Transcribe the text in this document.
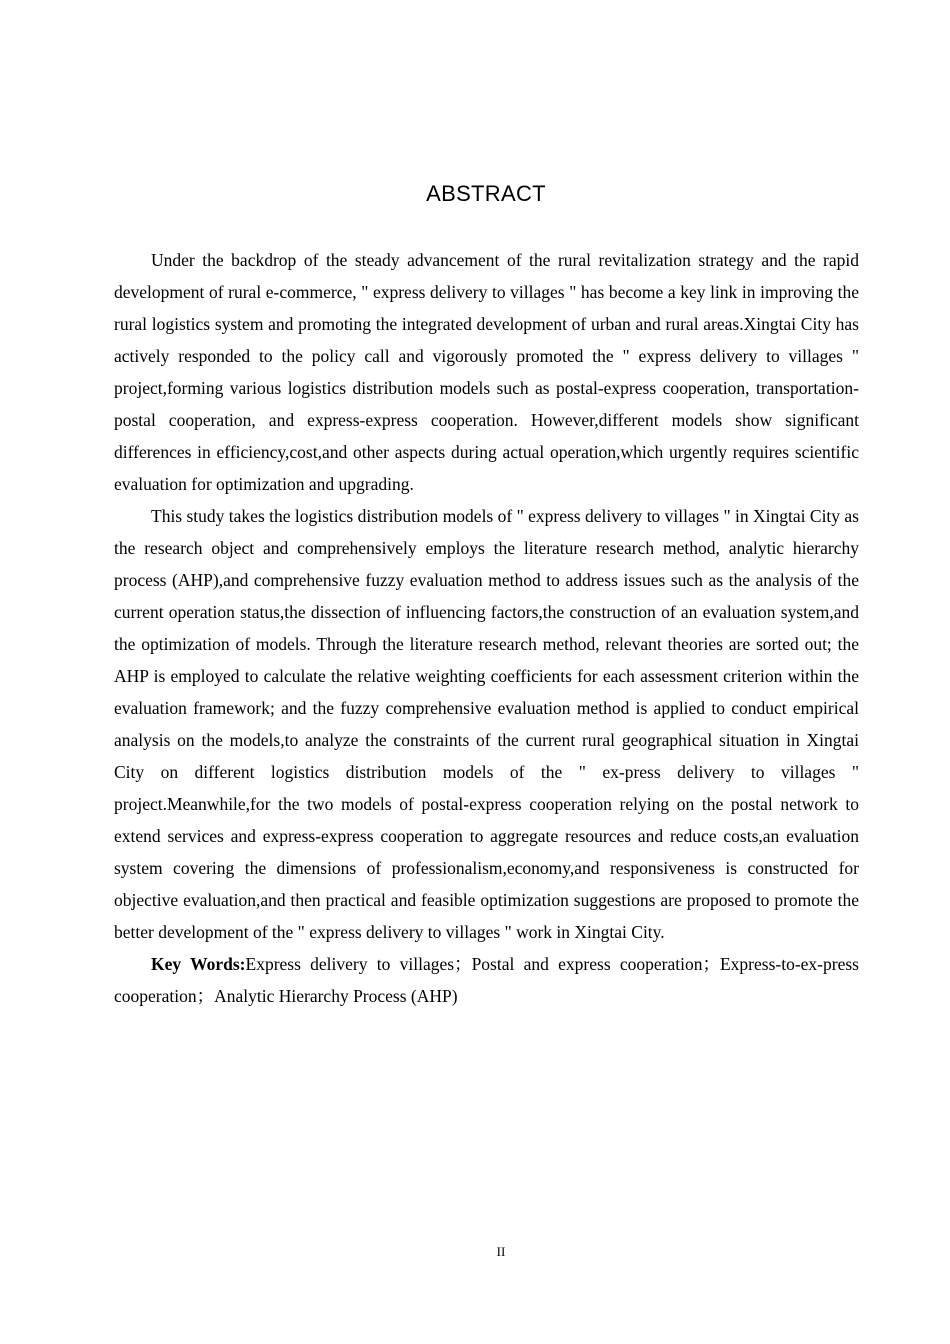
ABSTRACT

Under the backdrop of the steady advancement of the rural revitalization strategy and the rapid development of rural e-commerce, " express delivery to villages " has become a key link in improving the rural logistics system and promoting the integrated development of urban and rural areas.Xingtai City has actively responded to the policy call and vigorously promoted the " express delivery to villages " project,forming various logistics distribution models such as postal-express cooperation, transportation-postal cooperation, and express-express cooperation. However,different models show significant differences in efficiency,cost,and other aspects during actual operation,which urgently requires scientific evaluation for optimization and upgrading.

This study takes the logistics distribution models of " express delivery to villages " in Xingtai City as the research object and comprehensively employs the literature research method, analytic hierarchy process (AHP),and comprehensive fuzzy evaluation method to address issues such as the analysis of the current operation status,the dissection of influencing factors,the construction of an evaluation system,and the optimization of models. Through the literature research method, relevant theories are sorted out; the AHP is employed to calculate the relative weighting coefficients for each assessment criterion within the evaluation framework; and the fuzzy comprehensive evaluation method is applied to conduct empirical analysis on the models,to analyze the constraints of the current rural geographical situation in Xingtai City on different logistics distribution models of the " ex-press delivery to villages " project.Meanwhile,for the two models of postal-express cooperation relying on the postal network to extend services and express-express cooperation to aggregate resources and reduce costs,an evaluation system covering the dimensions of professionalism,economy,and responsiveness is constructed for objective evaluation,and then practical and feasible optimization suggestions are proposed to promote the better development of the " express delivery to villages " work in Xingtai City.

Key Words:Express delivery to villages；Postal and express cooperation；Express-to-ex-press cooperation；Analytic Hierarchy Process (AHP)

II
